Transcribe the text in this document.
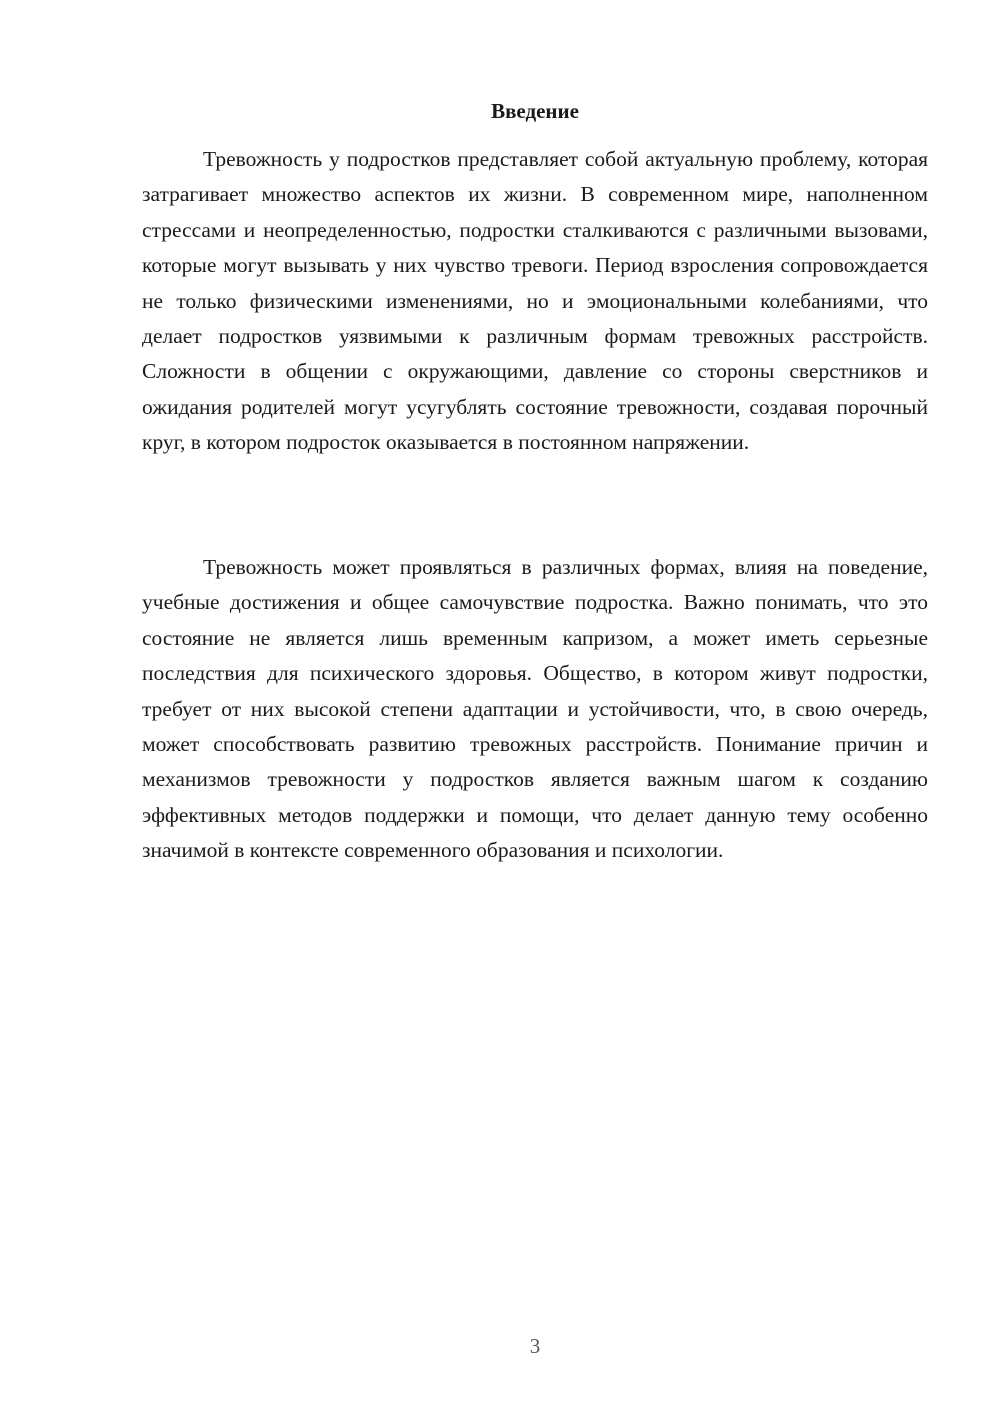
Введение

Тревожность у подростков представляет собой актуальную проблему, которая затрагивает множество аспектов их жизни. В современном мире, наполненном стрессами и неопределенностью, подростки сталкиваются с различными вызовами, которые могут вызывать у них чувство тревоги. Период взросления сопровождается не только физическими изменениями, но и эмоциональными колебаниями, что делает подростков уязвимыми к различным формам тревожных расстройств. Сложности в общении с окружающими, давление со стороны сверстников и ожидания родителей могут усугублять состояние тревожности, создавая порочный круг, в котором подросток оказывается в постоянном напряжении.

Тревожность может проявляться в различных формах, влияя на поведение, учебные достижения и общее самочувствие подростка. Важно понимать, что это состояние не является лишь временным капризом, а может иметь серьезные последствия для психического здоровья. Общество, в котором живут подростки, требует от них высокой степени адаптации и устойчивости, что, в свою очередь, может способствовать развитию тревожных расстройств. Понимание причин и механизмов тревожности у подростков является важным шагом к созданию эффективных методов поддержки и помощи, что делает данную тему особенно значимой в контексте современного образования и психологии.

3
